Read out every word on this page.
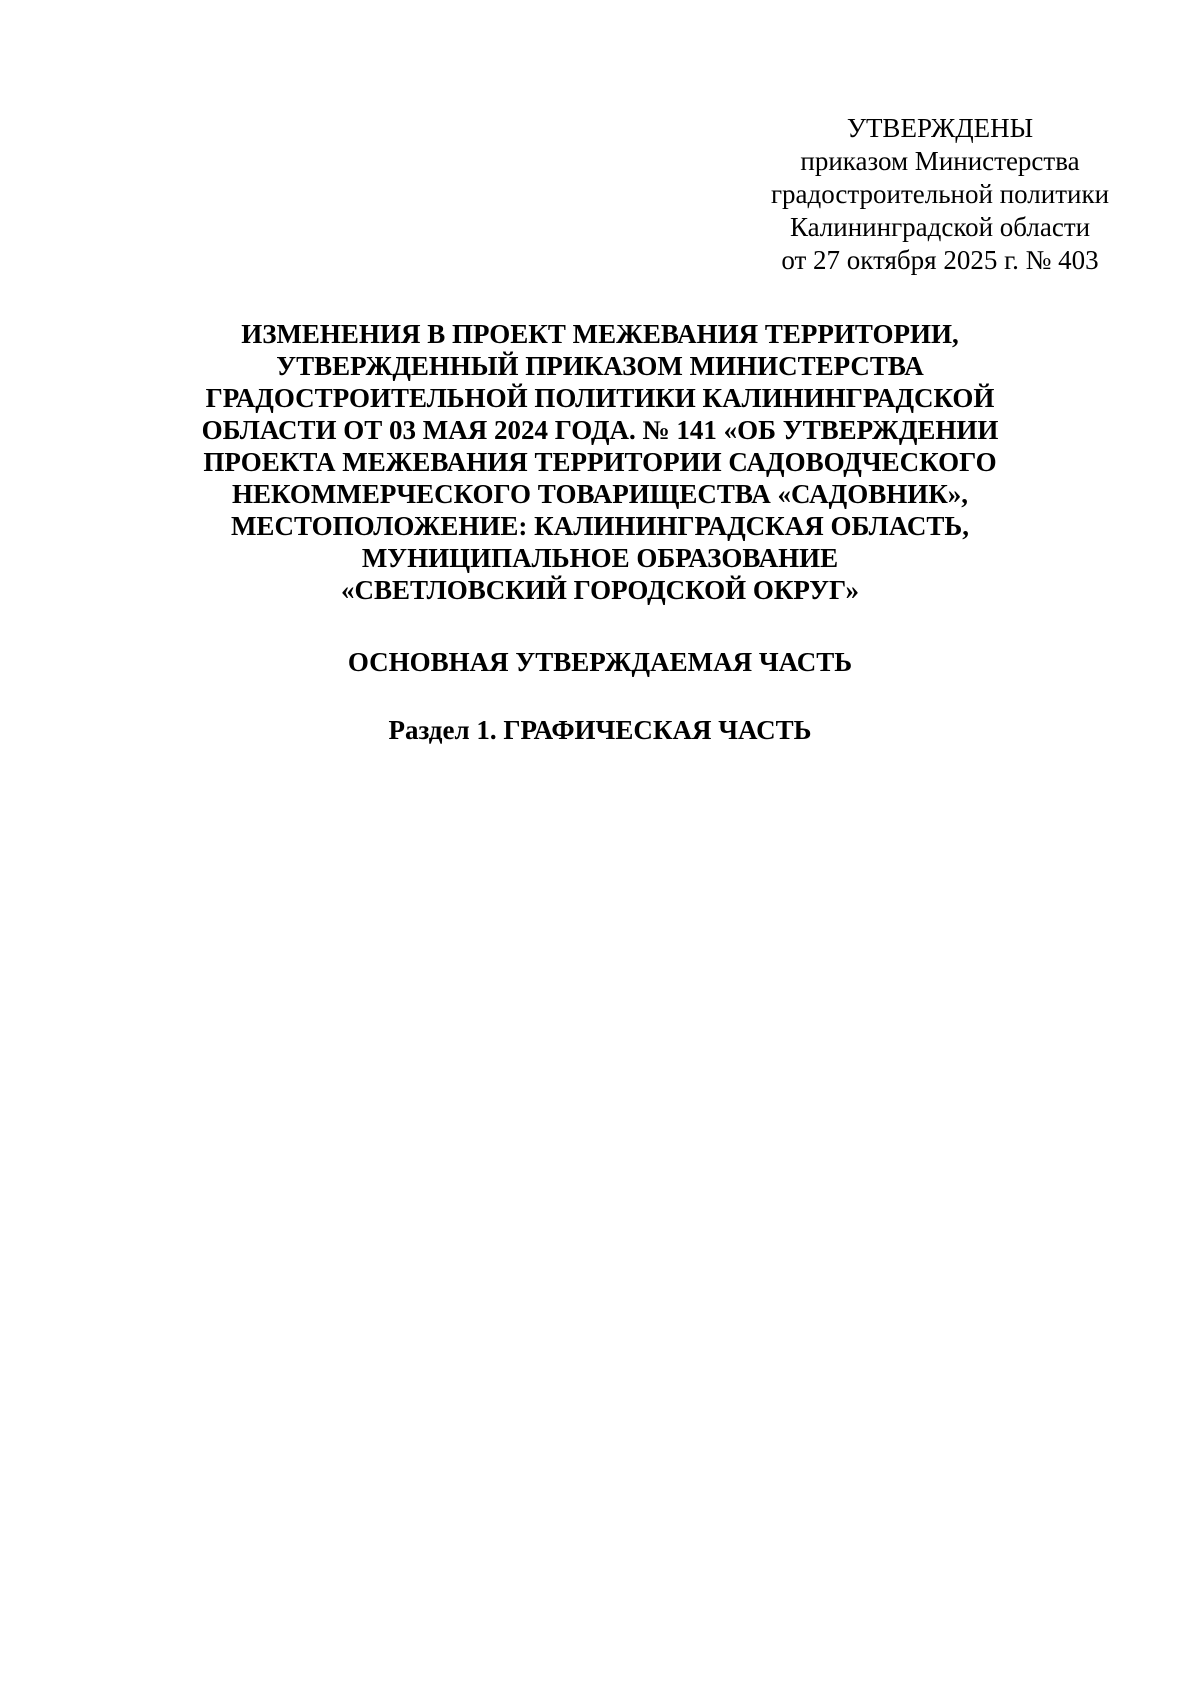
УТВЕРЖДЕНЫ
приказом Министерства
градостроительной политики
Калининградской области
от 27 октября 2025 г. № 403
ИЗМЕНЕНИЯ В ПРОЕКТ МЕЖЕВАНИЯ ТЕРРИТОРИИ,
УТВЕРЖДЕННЫЙ ПРИКАЗОМ МИНИСТЕРСТВА
ГРАДОСТРОИТЕЛЬНОЙ ПОЛИТИКИ КАЛИНИНГРАДСКОЙ
ОБЛАСТИ ОТ 03 МАЯ 2024 ГОДА. № 141 «ОБ УТВЕРЖДЕНИИ
ПРОЕКТА МЕЖЕВАНИЯ ТЕРРИТОРИИ САДОВОДЧЕСКОГО
НЕКОММЕРЧЕСКОГО ТОВАРИЩЕСТВА «САДОВНИК»,
МЕСТОПОЛОЖЕНИЕ: КАЛИНИНГРАДСКАЯ ОБЛАСТЬ,
МУНИЦИПАЛЬНОЕ ОБРАЗОВАНИЕ
«СВЕТЛОВСКИЙ ГОРОДСКОЙ ОКРУГ»
ОСНОВНАЯ УТВЕРЖДАЕМАЯ ЧАСТЬ
Раздел 1. ГРАФИЧЕСКАЯ ЧАСТЬ
